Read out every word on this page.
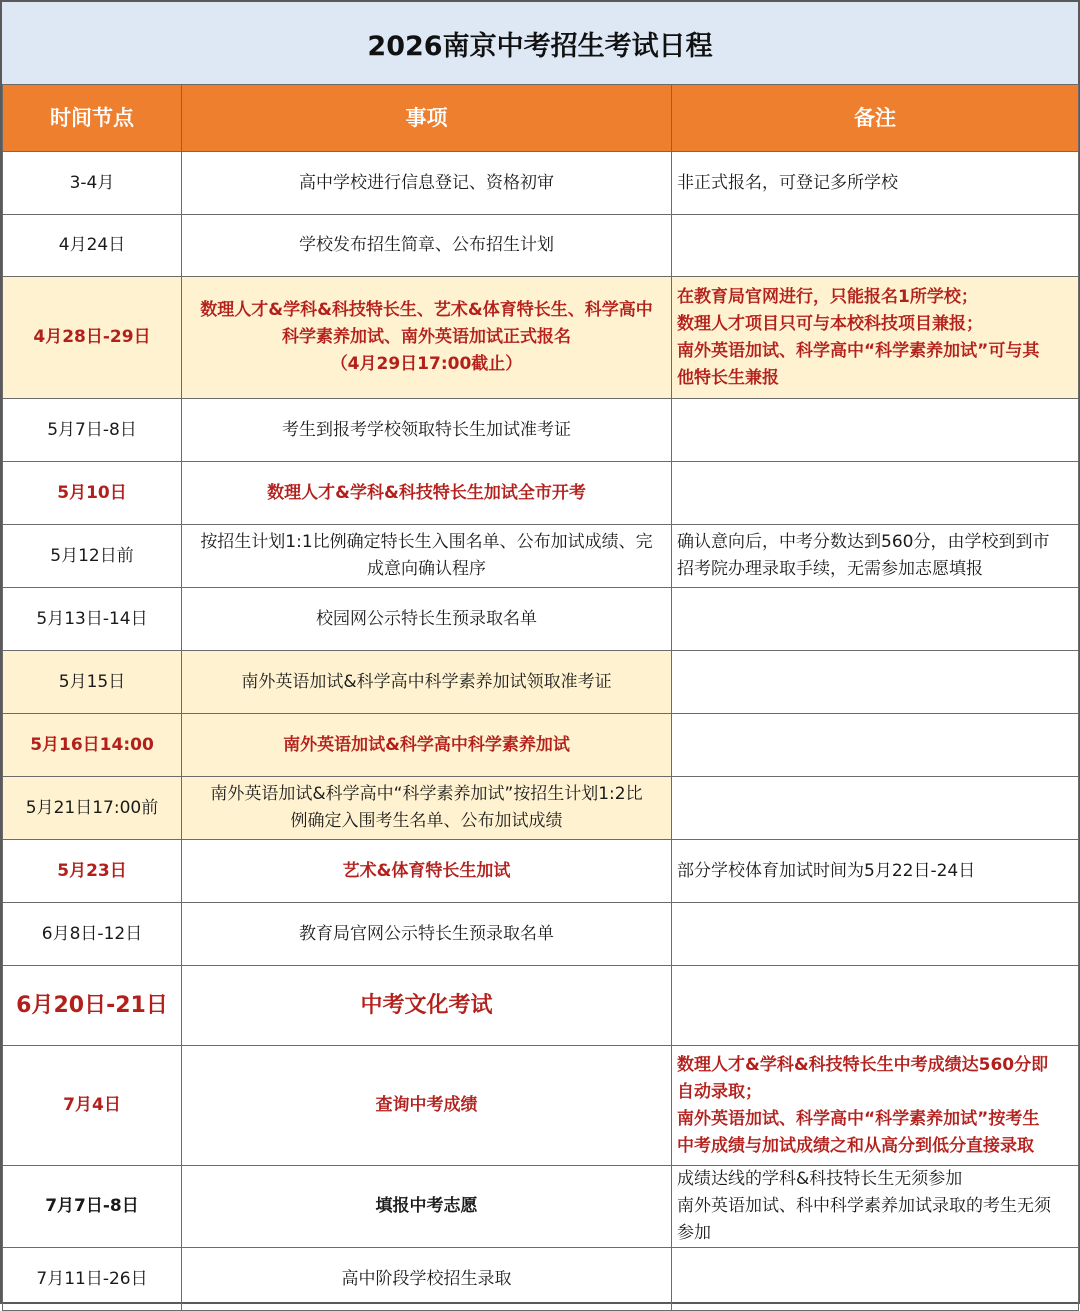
2026南京中考招生考试日程
时间节点	事项	备注
3-4月	高中学校进行信息登记、资格初审	非正式报名，可登记多所学校

4月24日	学校发布招生简章、公布招生计划	

4月28日-29日	数理人才&学科&科技特长生、艺术&体育特长生、科学高中
科学素养加试、南外英语加试正式报名
（4月29日17:00截止）	在教育局官网进行，只能报名1所学校；
数理人才项目只可与本校科技项目兼报；
南外英语加试、科学高中“科学素养加试”可与其
他特长生兼报

5月7日-8日	考生到报考学校领取特长生加试准考证	

5月10日	数理人才&学科&科技特长生加试全市开考	

5月12日前	按招生计划1:1比例确定特长生入围名单、公布加试成绩、完
成意向确认程序	确认意向后，中考分数达到560分，由学校到到市
招考院办理录取手续，无需参加志愿填报

5月13日-14日	校园网公示特长生预录取名单	

5月15日	南外英语加试&科学高中科学素养加试领取准考证	

5月16日14:00	南外英语加试&科学高中科学素养加试	

5月21日17:00前	南外英语加试&科学高中“科学素养加试”按招生计划1:2比
例确定入围考生名单、公布加试成绩	

5月23日	艺术&体育特长生加试	部分学校体育加试时间为5月22日-24日

6月8日-12日	教育局官网公示特长生预录取名单	

6月20日-21日	中考文化考试	

7月4日	查询中考成绩	数理人才&学科&科技特长生中考成绩达560分即
自动录取；
南外英语加试、科学高中“科学素养加试”按考生
中考成绩与加试成绩之和从高分到低分直接录取

7月7日-8日	填报中考志愿	成绩达线的学科&科技特长生无须参加
南外英语加试、科中科学素养加试录取的考生无须
参加

7月11日-26日	高中阶段学校招生录取	
